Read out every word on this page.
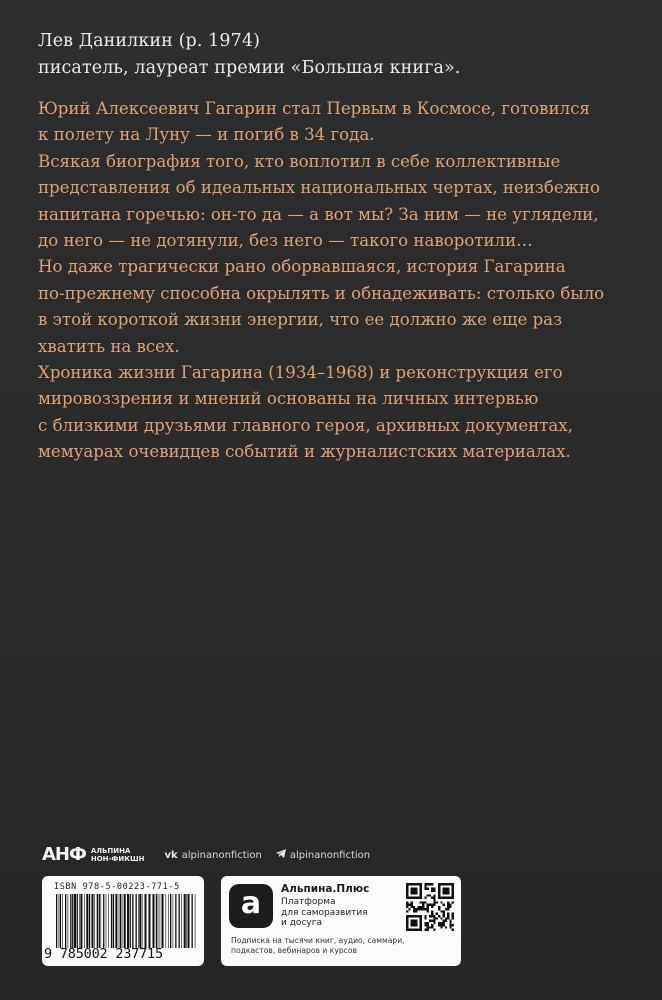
Лев Данилкин (р. 1974)
писатель, лауреат премии «Большая книга».

Юрий Алексеевич Гагарин стал Первым в Космосе, готовился
к полету на Луну — и погиб в 34 года.

Всякая биография того, кто воплотил в себе коллективные
представления об идеальных национальных чертах, неизбежно
напитана горечью: он-то да — а вот мы? За ним — не углядели,
до него — не дотянули, без него — такого наворотили…

Но даже трагически рано оборвавшаяся, история Гагарина
по-прежнему способна окрылять и обнадеживать: столько было
в этой короткой жизни энергии, что ее должно же еще раз
хватить на всех.

Хроника жизни Гагарина (1934–1968) и реконструкция его
мировоззрения и мнений основаны на личных интервью
с близкими друзьями главного героя, архивных документах,
мемуарах очевидцев событий и журналистских материалах.

АНФ АЛЬПИНА
НОН-ФИКШН vk alpinanonfiction	alpinanonfiction
ISBN 978-5-00223-771-5
9 785002 237715
a	Альпина.Плюс
Платформа
для саморазвития
и досуга
Подписка на тысячи книг, аудио, саммари,
подкастов, вебинаров и курсов
